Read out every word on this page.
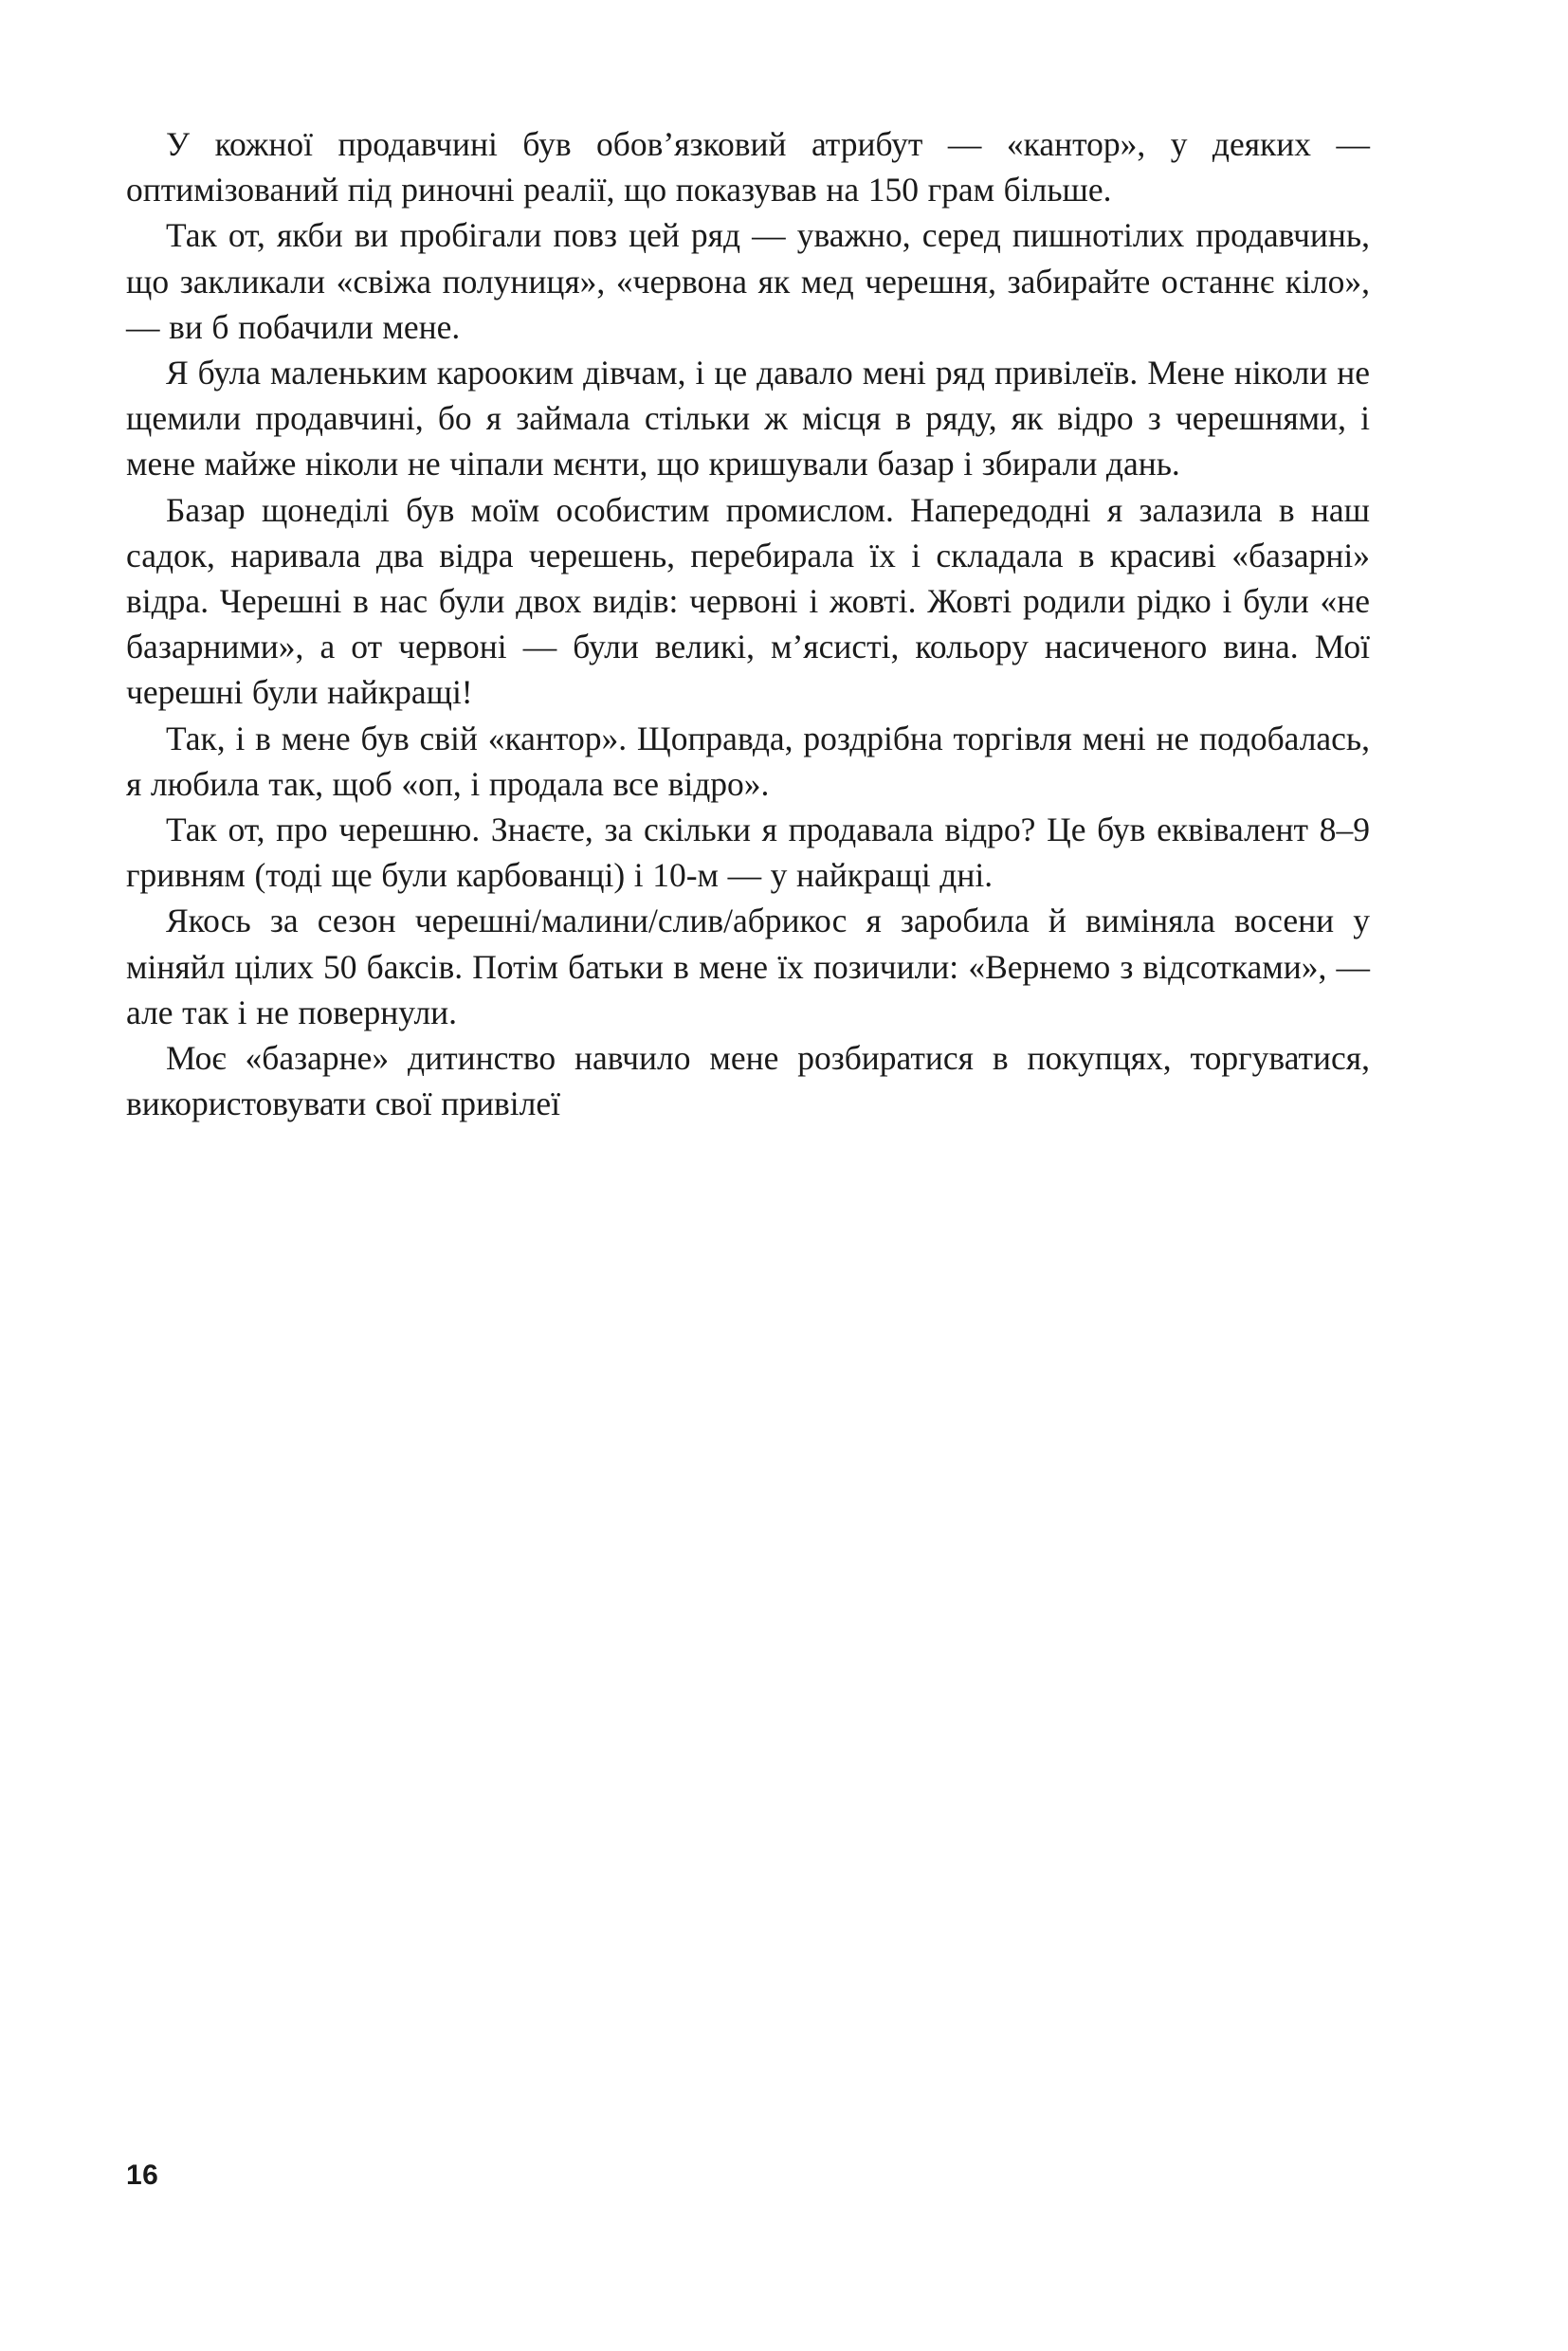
У кожної продавчині був обов’язковий атрибут — «кантор», у деяких — оптимізований під риночні реалії, що показував на 150 грам більше.

Так от, якби ви пробігали повз цей ряд — уважно, серед пишнотілих продавчинь, що закликали «свіжа полуниця», «червона як мед черешня, забирайте останнє кіло», — ви б побачили мене.

Я була маленьким карооким дівчам, і це давало мені ряд привілеїв. Мене ніколи не щемили продавчині, бо я займала стільки ж місця в ряду, як відро з черешнями, і мене майже ніколи не чіпали мєнти, що кришували базар і збирали дань.

Базар щонеділі був моїм особистим промислом. Напередодні я залазила в наш садок, наривала два відра черешень, перебирала їх і складала в красиві «базарні» відра. Черешні в нас були двох видів: червоні і жовті. Жовті родили рідко і були «не базарними», а от червоні — були великі, м’ясисті, кольору насиченого вина. Мої черешні були найкращі!

Так, і в мене був свій «кантор». Щоправда, роздрібна торгівля мені не подобалась, я любила так, щоб «оп, і продала все відро».

Так от, про черешню. Знаєте, за скільки я продавала відро? Це був еквівалент 8–9 гривням (тоді ще були карбованці) і 10-м — у найкращі дні.

Якось за сезон черешні/малини/слив/абрикос я заробила й виміняла восени у міняйл цілих 50 баксів. Потім батьки в мене їх позичили: «Вернемо з відсотками», — але так і не повернули.

Моє «базарне» дитинство навчило мене розбиратися в покупцях, торгуватися, використовувати свої привілеї

16
